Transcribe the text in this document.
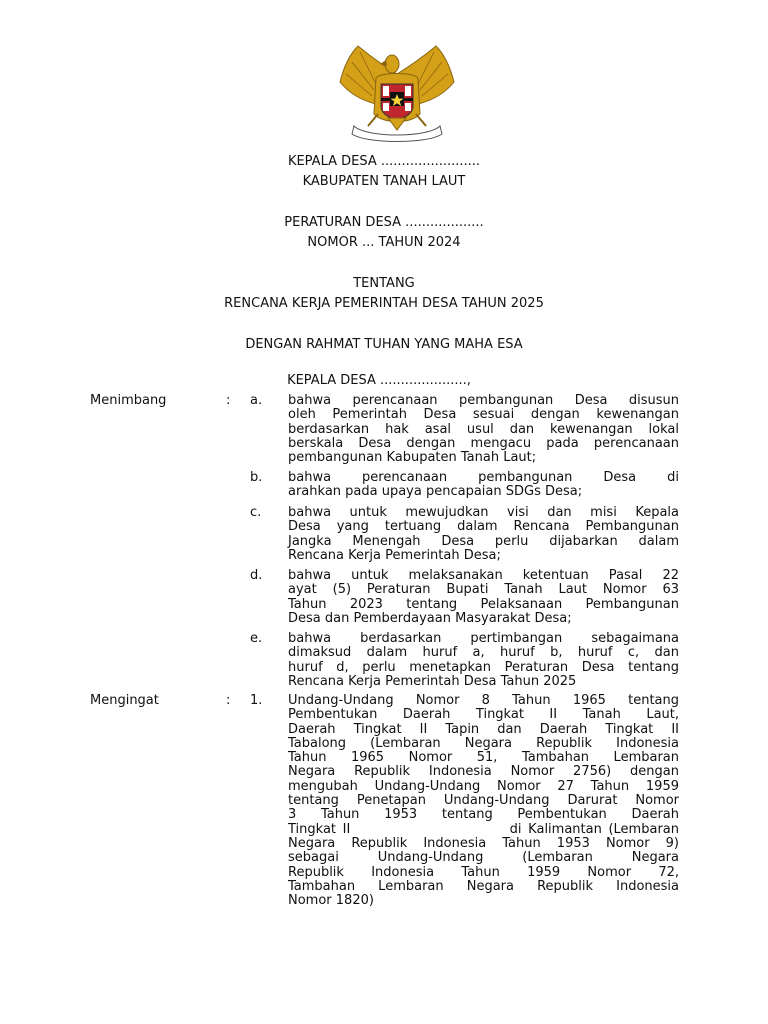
KEPALA DESA ........................
KABUPATEN TANAH LAUT
PERATURAN DESA ...................
NOMOR ... TAHUN 2024
TENTANG
RENCANA KERJA PEMERINTAH DESA TAHUN 2025
DENGAN RAHMAT TUHAN YANG MAHA ESA
KEPALA DESA .....................,
Menimbang	: a. bahwa perencanaan pembangunan Desa disusun
oleh Pemerintah Desa sesuai dengan kewenangan
berdasarkan hak asal usul dan kewenangan lokal
berskala Desa dengan mengacu pada perencanaan
pembangunan Kabupaten Tanah Laut;
b. bahwa perencanaan pembangunan Desa di
arahkan pada upaya pencapaian SDGs Desa;
c. bahwa untuk mewujudkan visi dan misi Kepala
Desa yang tertuang dalam Rencana Pembangunan
Jangka Menengah Desa perlu dijabarkan dalam
Rencana Kerja Pemerintah Desa;
d. bahwa untuk melaksanakan ketentuan Pasal 22
ayat (5) Peraturan Bupati Tanah Laut Nomor 63
Tahun 2023 tentang Pelaksanaan Pembangunan
Desa dan Pemberdayaan Masyarakat Desa;
e. bahwa berdasarkan pertimbangan sebagaimana
dimaksud dalam huruf a, huruf b, huruf c, dan
huruf d, perlu menetapkan Peraturan Desa tentang
Rencana Kerja Pemerintah Desa Tahun 2025
Mengingat	: 1. Undang-Undang Nomor 8 Tahun 1965 tentang
Pembentukan Daerah Tingkat II Tanah Laut,
Daerah Tingkat II Tapin dan Daerah Tingkat II
Tabalong (Lembaran Negara Republik Indonesia
Tahun 1965 Nomor 51, Tambahan Lembaran
Negara Republik Indonesia Nomor 2756) dengan
mengubah Undang-Undang Nomor 27 Tahun 1959
tentang Penetapan Undang-Undang Darurat Nomor
3 Tahun 1953 tentang Pembentukan Daerah
Tingkat II                        di Kalimantan (Lembaran
Negara Republik Indonesia Tahun 1953 Nomor 9)
sebagai Undang-Undang (Lembaran Negara
Republik Indonesia Tahun 1959 Nomor 72,
Tambahan Lembaran Negara Republik Indonesia
Nomor 1820)
